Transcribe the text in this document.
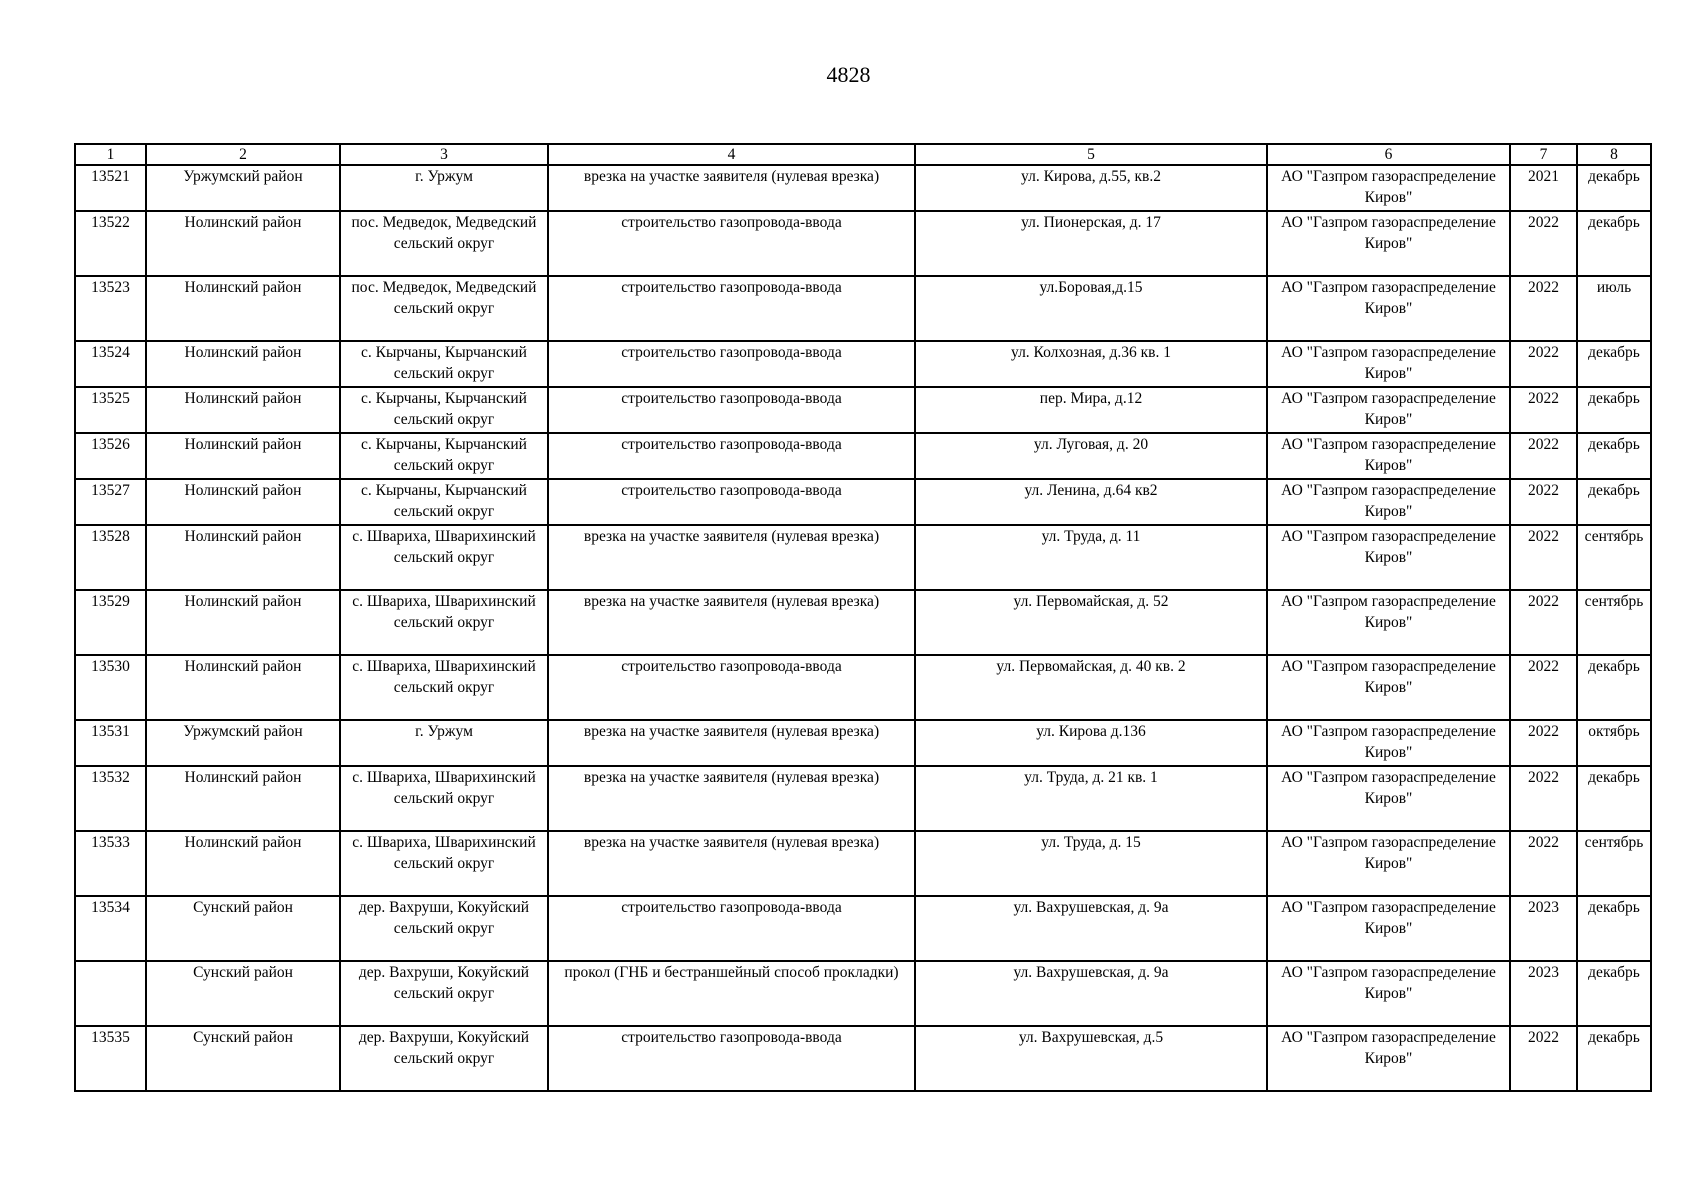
4828
1	2	3	4	5	6	7	8
13521	Уржумский район	г. Уржум	врезка на участке заявителя (нулевая врезка)	ул. Кирова, д.55, кв.2	АО "Газпром газораспределение Киров"	2021	декабрь
13522	Нолинский район	пос. Медведок, Медведский сельский округ	строительство газопровода-ввода	ул. Пионерская, д. 17	АО "Газпром газораспределение Киров"	2022	декабрь
13523	Нолинский район	пос. Медведок, Медведский сельский округ	строительство газопровода-ввода	ул.Боровая,д.15	АО "Газпром газораспределение Киров"	2022	июль
13524	Нолинский район	с. Кырчаны, Кырчанский сельский округ	строительство газопровода-ввода	ул. Колхозная, д.36 кв. 1	АО "Газпром газораспределение Киров"	2022	декабрь
13525	Нолинский район	с. Кырчаны, Кырчанский сельский округ	строительство газопровода-ввода	пер. Мира, д.12	АО "Газпром газораспределение Киров"	2022	декабрь
13526	Нолинский район	с. Кырчаны, Кырчанский сельский округ	строительство газопровода-ввода	ул. Луговая, д. 20	АО "Газпром газораспределение Киров"	2022	декабрь
13527	Нолинский район	с. Кырчаны, Кырчанский сельский округ	строительство газопровода-ввода	ул. Ленина, д.64 кв2	АО "Газпром газораспределение Киров"	2022	декабрь
13528	Нолинский район	с. Швариха, Шварихинский сельский округ	врезка на участке заявителя (нулевая врезка)	ул. Труда, д. 11	АО "Газпром газораспределение Киров"	2022	сентябрь
13529	Нолинский район	с. Швариха, Шварихинский сельский округ	врезка на участке заявителя (нулевая врезка)	ул. Первомайская, д. 52	АО "Газпром газораспределение Киров"	2022	сентябрь
13530	Нолинский район	с. Швариха, Шварихинский сельский округ	строительство газопровода-ввода	ул. Первомайская, д. 40 кв. 2	АО "Газпром газораспределение Киров"	2022	декабрь
13531	Уржумский район	г. Уржум	врезка на участке заявителя (нулевая врезка)	ул. Кирова д.136	АО "Газпром газораспределение Киров"	2022	октябрь
13532	Нолинский район	с. Швариха, Шварихинский сельский округ	врезка на участке заявителя (нулевая врезка)	ул. Труда, д. 21 кв. 1	АО "Газпром газораспределение Киров"	2022	декабрь
13533	Нолинский район	с. Швариха, Шварихинский сельский округ	врезка на участке заявителя (нулевая врезка)	ул. Труда, д. 15	АО "Газпром газораспределение Киров"	2022	сентябрь
13534	Сунский район	дер. Вахруши, Кокуйский сельский округ	строительство газопровода-ввода	ул. Вахрушевская, д. 9а	АО "Газпром газораспределение Киров"	2023	декабрь
	Сунский район	дер. Вахруши, Кокуйский сельский округ	прокол (ГНБ и бестраншейный способ прокладки)	ул. Вахрушевская, д. 9а	АО "Газпром газораспределение Киров"	2023	декабрь
13535	Сунский район	дер. Вахруши, Кокуйский сельский округ	строительство газопровода-ввода	ул. Вахрушевская, д.5	АО "Газпром газораспределение Киров"	2022	декабрь
